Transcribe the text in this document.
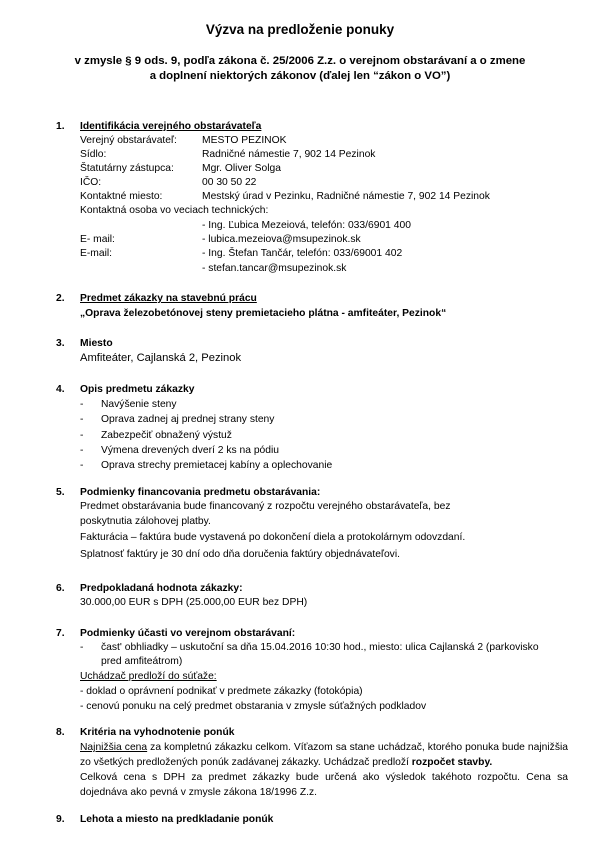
Výzva na predloženie ponuky
v zmysle § 9 ods. 9, podľa zákona č. 25/2006 Z.z. o verejnom obstarávaní a o zmene a doplnení niektorých zákonov (ďalej len “zákon o VO”)
1. Identifikácia verejného obstarávateľa
Verejný obstarávateľ: MESTO PEZINOK
Sídlo:	Radničné námestie 7, 902 14 Pezinok
Štatutárny zástupca:	Mgr. Oliver Solga
IČO:	00 30 50 22
Kontaktné miesto:	Mestský úrad v Pezinku, Radničné námestie 7, 902 14 Pezinok
Kontaktná osoba vo veciach technických:
- Ing. Ľubica Mezeiová, telefón: 033/6901 400
E- mail:	- lubica.mezeiova@msupezinok.sk
E-mail:	- Ing. Štefan Tančár, telefón: 033/69001 402
- stefan.tancar@msupezinok.sk
2. Predmet zákazky na stavebnú prácu
„Oprava železobetónovej steny premietacieho plátna - amfiteáter, Pezinok“
3. Miesto
Amfiteáter, Cajlanská 2, Pezinok
4. Opis predmetu zákazky
- Navýšenie steny
- Oprava zadnej aj prednej strany steny
- Zabezpečiť obnažený výstuž
- Výmena drevených dverí 2 ks na pódiu
- Oprava strechy premietacej kabíny a oplechovanie
5. Podmienky financovania predmetu obstarávania:
Predmet obstarávania bude financovaný z rozpočtu verejného obstarávateľa, bez
poskytnutia zálohovej platby.
Fakturácia – faktúra bude vystavená po dokončení diela a protokolárnym odovzdaní.
Splatnosť faktúry je 30 dní odo dňa doručenia faktúry objednávateľovi.
6. Predpokladaná hodnota zákazky:
30.000,00 EUR s DPH (25.000,00 EUR bez DPH)
7. Podmienky účasti vo verejnom obstarávaní:
- čast' obhliadky – uskutoční sa dňa 15.04.2016 10:30 hod., miesto: ulica Cajlanská 2 (parkovisko
pred amfiteátrom)
Uchádzač predloží do súťaže:
- doklad o oprávnení podnikať v predmete zákazky (fotokópia)
- cenovú ponuku na celý predmet obstarania v zmysle súťažných podkladov
8. Kritéria na vyhodnotenie ponúk
Najnižšia cena za kompletnú zákazku celkom. Víťazom sa stane uchádzač, ktorého ponuka bude najnižšia zo všetkých predložených ponúk zadávanej zákazky. Uchádzač predloží rozpočet stavby.
Celková cena s DPH za predmet zákazky bude určená ako výsledok takéhoto rozpočtu. Cena sa dojednáva ako pevná v zmysle zákona 18/1996 Z.z.
9. Lehota a miesto na predkladanie ponúk
